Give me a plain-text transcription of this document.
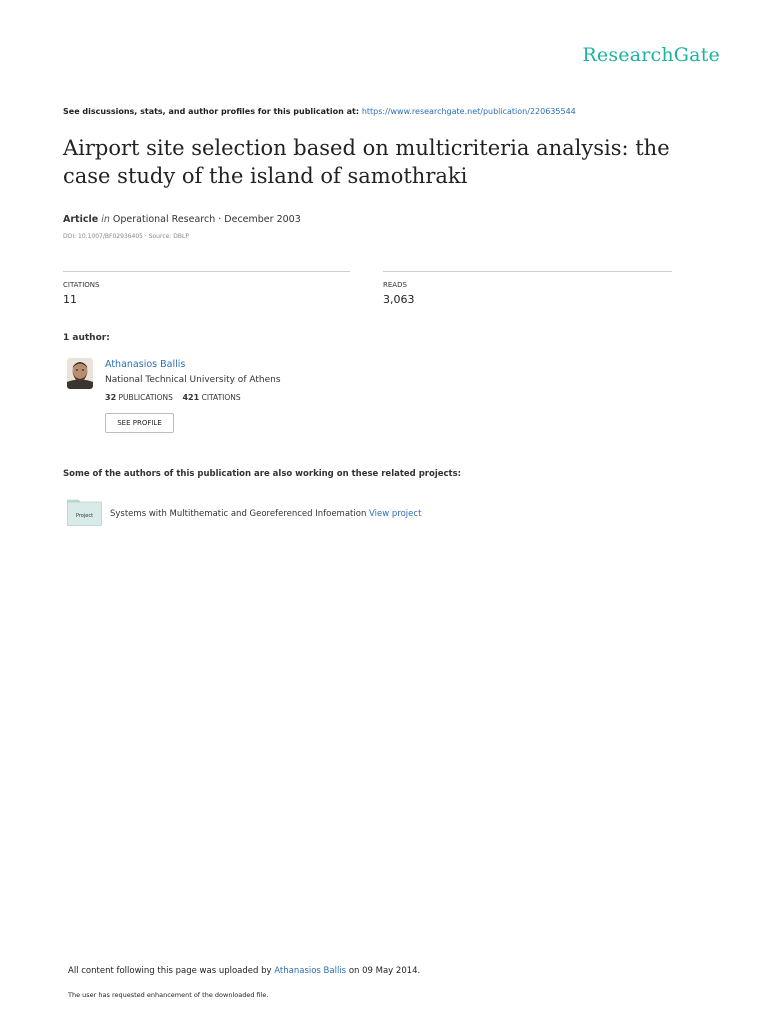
ResearchGate
See discussions, stats, and author profiles for this publication at: https://www.researchgate.net/publication/220635544
Airport site selection based on multicriteria analysis: the case study of the island of samothraki
Article in Operational Research · December 2003
DOI: 10.1007/BF02936405 · Source: DBLP
CITATIONS
11
READS
3,063
1 author:
Athanasios Ballis
National Technical University of Athens
32 PUBLICATIONS 421 CITATIONS
SEE PROFILE
Some of the authors of this publication are also working on these related projects:
Project Systems with Multithematic and Georeferenced Infoemation View project
All content following this page was uploaded by Athanasios Ballis on 09 May 2014.
The user has requested enhancement of the downloaded file.
